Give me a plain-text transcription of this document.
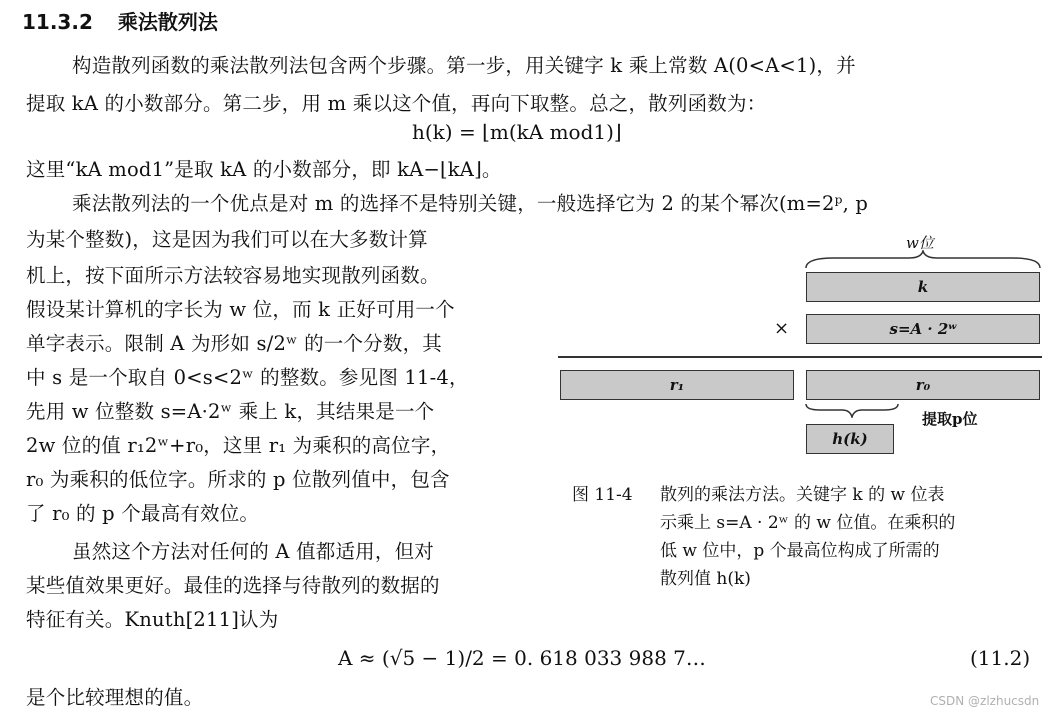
11.3.2 乘法散列法
构造散列函数的乘法散列法包含两个步骤。第一步，用关键字 k 乘上常数 A(0<A<1)，并
提取 kA 的小数部分。第二步，用 m 乘以这个值，再向下取整。总之，散列函数为：
h(k) = ⌊m(kA mod1)⌋
这里“kA mod1”是取 kA 的小数部分，即 kA−⌊kA⌋。
乘法散列法的一个优点是对 m 的选择不是特别关键，一般选择它为 2 的某个幂次(m=2ᵖ, p
为某个整数)，这是因为我们可以在大多数计算
机上，按下面所示方法较容易地实现散列函数。
假设某计算机的字长为 w 位，而 k 正好可用一个
单字表示。限制 A 为形如 s/2ʷ 的一个分数，其
中 s 是一个取自 0<s<2ʷ 的整数。参见图 11-4，
先用 w 位整数 s=A·2ʷ 乘上 k，其结果是一个
2w 位的值 r₁2ʷ+r₀，这里 r₁ 为乘积的高位字，
r₀ 为乘积的低位字。所求的 p 位散列值中，包含
了 r₀ 的 p 个最高有效位。
虽然这个方法对任何的 A 值都适用，但对
某些值效果更好。最佳的选择与待散列的数据的
特征有关。Knuth[211]认为
A ≈ (√5 − 1)/2 = 0. 618 033 988 7…	(11.2)
是个比较理想的值。
w位
k
×	s=A · 2ʷ
r₁	r₀
提取p位
h(k)
图 11-4 散列的乘法方法。关键字 k 的 w 位表
示乘上 s=A · 2ʷ 的 w 位值。在乘积的
低 w 位中，p 个最高位构成了所需的
散列值 h(k)
CSDN @zlzhucsdn
